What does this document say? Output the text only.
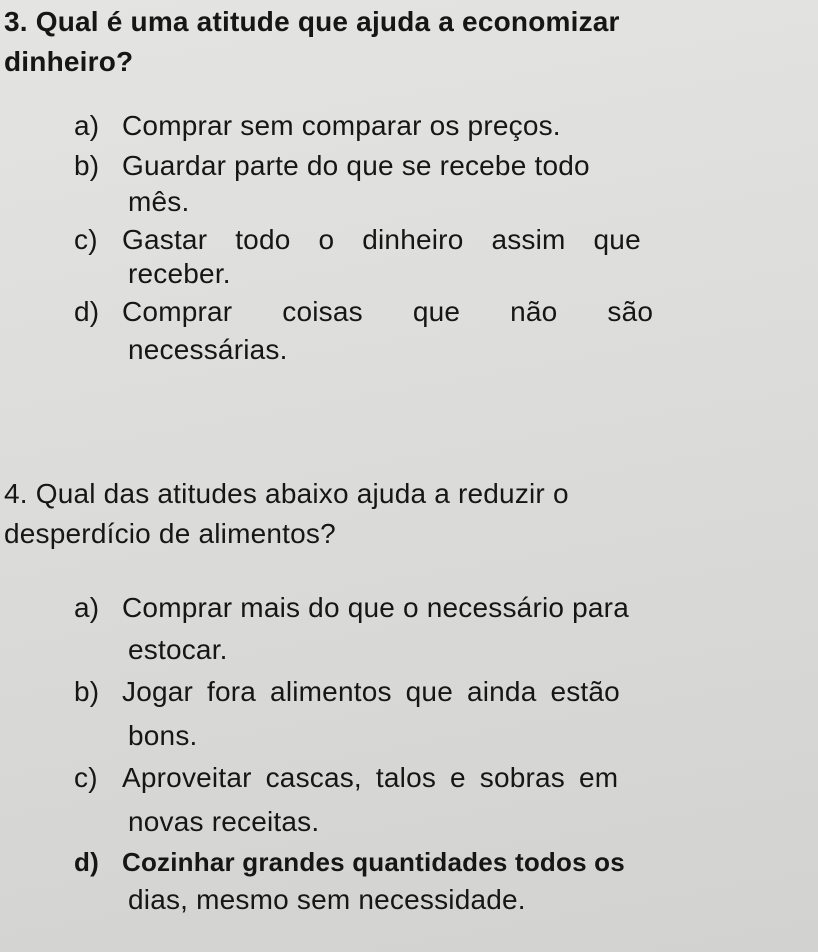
3. Qual é uma atitude que ajuda a economizar
dinheiro?
a) Comprar sem comparar os preços.
b) Guardar parte do que se recebe todo
mês.
c) Gastar todo o dinheiro assim que
receber.
d) Comprar coisas que não são
necessárias.
4. Qual das atitudes abaixo ajuda a reduzir o
desperdício de alimentos?
a) Comprar mais do que o necessário para
estocar.
b) Jogar fora alimentos que ainda estão
bons.
c) Aproveitar cascas, talos e sobras em
novas receitas.
d) Cozinhar grandes quantidades todos os
dias, mesmo sem necessidade.
